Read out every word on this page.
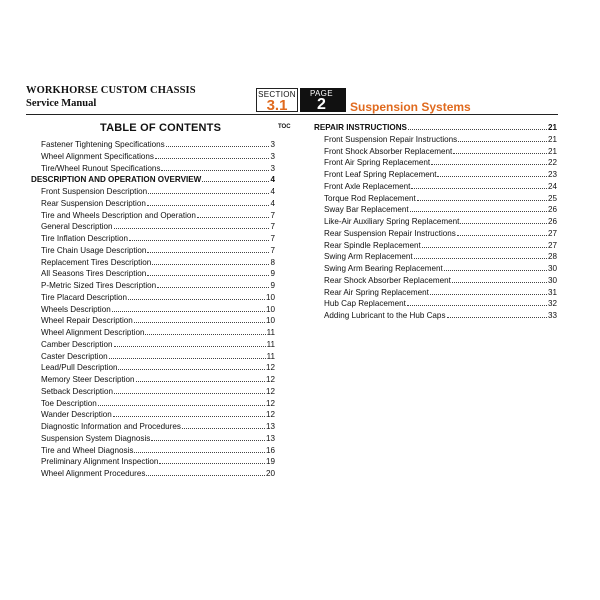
WORKHORSE CUSTOM CHASSIS
Service Manual
SECTION
3.1
PAGE
2	Suspension Systems
TABLE OF CONTENTS	TOC
Fastener Tightening Specifications	3
Wheel Alignment Specifications	3
Tire/Wheel Runout Specifications	3
DESCRIPTION AND OPERATION OVERVIEW	4
Front Suspension Description	4
Rear Suspension Description	4
Tire and Wheels Description and Operation	7
General Description	7
Tire Inflation Description	7
Tire Chain Usage Description	7
Replacement Tires Description	8
All Seasons Tires Description	9
P-Metric Sized Tires Description	9
Tire Placard Description	10
Wheels Description	10
Wheel Repair Description	10
Wheel Alignment Description	11
Camber Description	11
Caster Description	11
Lead/Pull Description	12
Memory Steer Description	12
Setback Description	12
Toe Description	12
Wander Description	12
Diagnostic Information and Procedures	13
Suspension System Diagnosis	13
Tire and Wheel Diagnosis	16
Preliminary Alignment Inspection	19
Wheel Alignment Procedures	20
REPAIR INSTRUCTIONS	21
Front Suspension Repair Instructions	21
Front Shock Absorber Replacement	21
Front Air Spring Replacement	22
Front Leaf Spring Replacement	23
Front Axle Replacement	24
Torque Rod Replacement	25
Sway Bar Replacement	26
Like-Air Auxiliary Spring Replacement	26
Rear Suspension Repair Instructions	27
Rear Spindle Replacement	27
Swing Arm Replacement	28
Swing Arm Bearing Replacement	30
Rear Shock Absorber Replacement	30
Rear Air Spring Replacement	31
Hub Cap Replacement	32
Adding Lubricant to the Hub Caps	33
